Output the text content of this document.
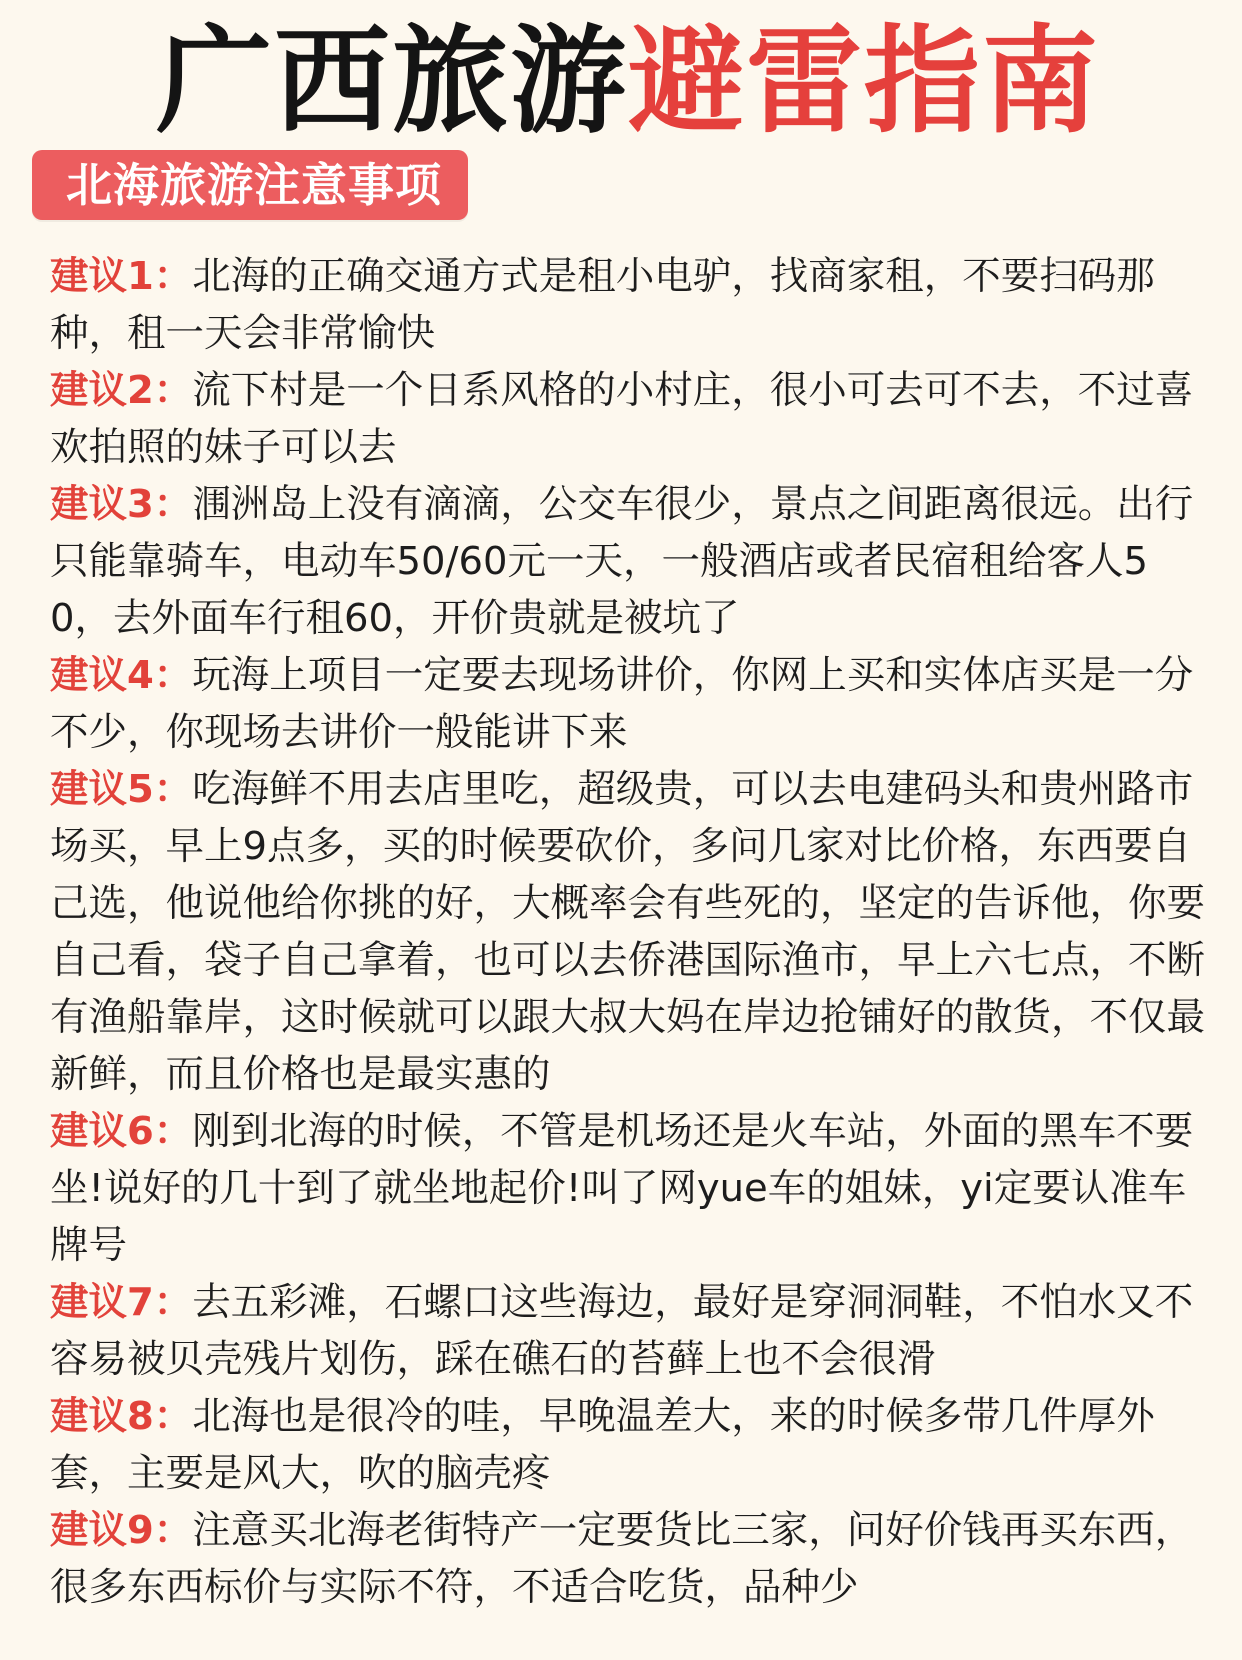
广西旅游避雷指南
北海旅游注意事项

建议1：北海的正确交通方式是租小电驴，找商家租，不要扫码那种，租一天会非常愉快

建议2：流下村是一个日系风格的小村庄，很小可去可不去，不过喜欢拍照的妹子可以去

建议3：涠洲岛上没有滴滴，公交车很少，景点之间距离很远。出行只能靠骑车，电动车50/60元一天，一般酒店或者民宿租给客人50，去外面车行租60，开价贵就是被坑了

建议4：玩海上项目一定要去现场讲价，你网上买和实体店买是一分不少，你现场去讲价一般能讲下来

建议5：吃海鲜不用去店里吃，超级贵，可以去电建码头和贵州路市场买，早上9点多，买的时候要砍价，多问几家对比价格，东西要自己选，他说他给你挑的好，大概率会有些死的，坚定的告诉他，你要自己看，袋子自己拿着，也可以去侨港国际渔市，早上六七点，不断有渔船靠岸，这时候就可以跟大叔大妈在岸边抢铺好的散货，不仅最新鲜，而且价格也是最实惠的

建议6：刚到北海的时候，不管是机场还是火车站，外面的黑车不要坐!说好的几十到了就坐地起价!叫了网yue车的姐妹，yi定要认准车牌号

建议7：去五彩滩，石螺口这些海边，最好是穿洞洞鞋，不怕水又不容易被贝壳残片划伤，踩在礁石的苔藓上也不会很滑

建议8：北海也是很冷的哇，早晚温差大，来的时候多带几件厚外套，主要是风大，吹的脑壳疼

建议9：注意买北海老街特产一定要货比三家，问好价钱再买东西，很多东西标价与实际不符，不适合吃货，品种少
